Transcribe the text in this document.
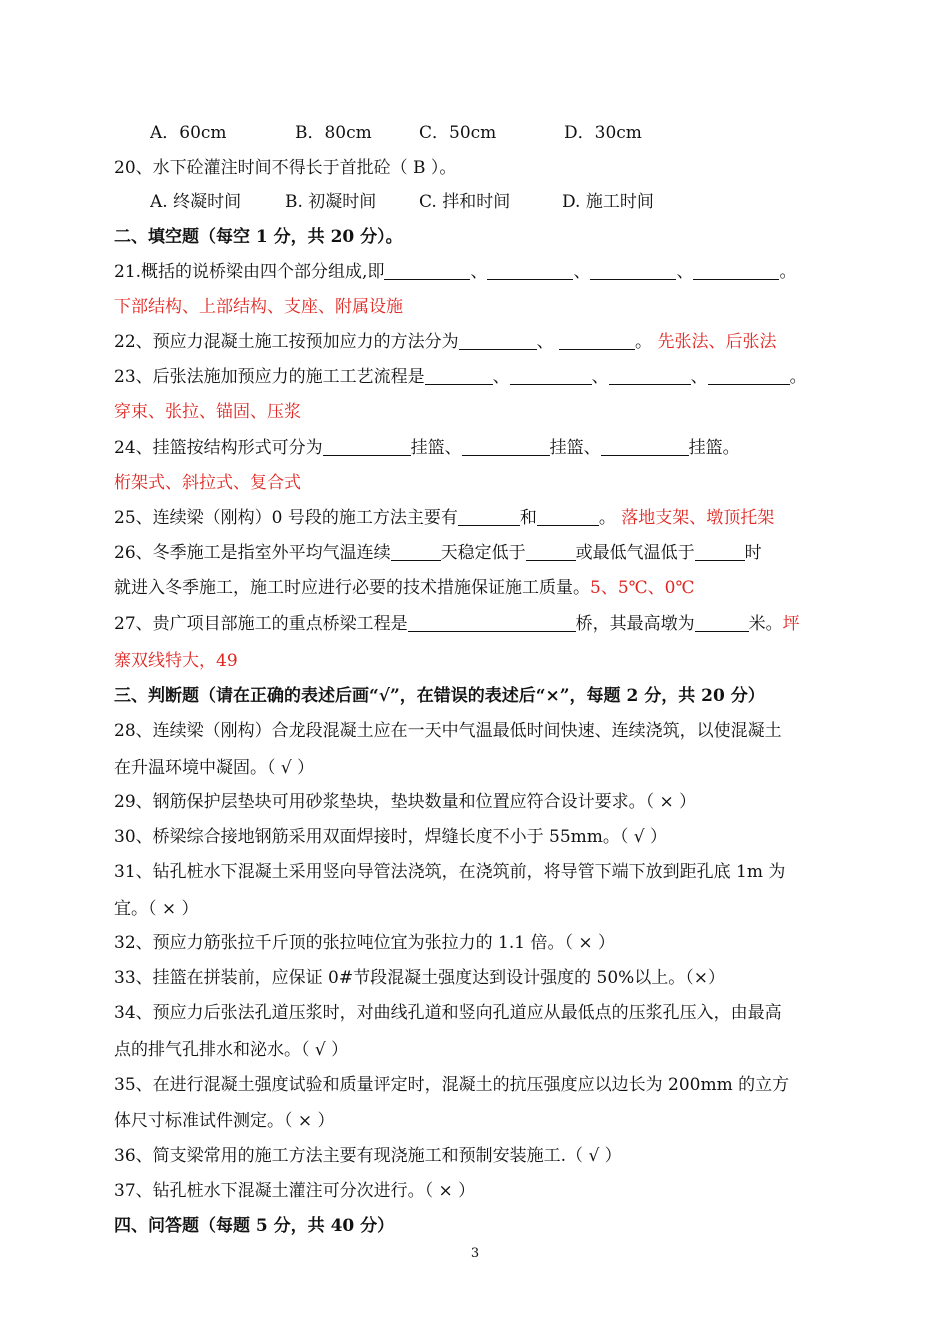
A．60cm	B．80cm	C．50cm	D．30cm
20、水下砼灌注时间不得长于首批砼（ B ）。
A. 终凝时间	B. 初凝时间	C. 拌和时间	D. 施工时间
二、填空题（每空 1 分，共 20 分）。
21.概括的说桥梁由四个部分组成,即	、	、	、	。
下部结构、上部结构、支座、附属设施
22、预应力混凝土施工按预加应力的方法分为	、	。 先张法、后张法
23、后张法施加预应力的施工工艺流程是	、	、	、	。
穿束、张拉、锚固、压浆
24、挂篮按结构形式可分为	挂篮、	挂篮、	挂篮。
桁架式、斜拉式、复合式
25、连续梁（刚构）0 号段的施工方法主要有	和	。 落地支架、墩顶托架
26、冬季施工是指室外平均气温连续	天稳定低于	或最低气温低于	时
就进入冬季施工，施工时应进行必要的技术措施保证施工质量。5、5℃、0℃
27、贵广项目部施工的重点桥梁工程是	桥，其最高墩为	米。坪
寨双线特大，49
三、判断题（请在正确的表述后画“√”，在错误的表述后“×”，每题 2 分，共 20 分）
28、连续梁（刚构）合龙段混凝土应在一天中气温最低时间快速、连续浇筑，以使混凝土
在升温环境中凝固。（ √ ）
29、钢筋保护层垫块可用砂浆垫块，垫块数量和位置应符合设计要求。（ × ）
30、桥梁综合接地钢筋采用双面焊接时，焊缝长度不小于 55mm。（ √ ）
31、钻孔桩水下混凝土采用竖向导管法浇筑，在浇筑前，将导管下端下放到距孔底 1m 为
宜。（ × ）
32、预应力筋张拉千斤顶的张拉吨位宜为张拉力的 1.1 倍。（ × ）
33、挂篮在拼装前，应保证 0#节段混凝土强度达到设计强度的 50%以上。（×）
34、预应力后张法孔道压浆时，对曲线孔道和竖向孔道应从最低点的压浆孔压入，由最高
点的排气孔排水和泌水。（ √ ）
35、在进行混凝土强度试验和质量评定时，混凝土的抗压强度应以边长为 200mm 的立方
体尺寸标准试件测定。（ × ）
36、简支梁常用的施工方法主要有现浇施工和预制安装施工.（ √ ）
37、钻孔桩水下混凝土灌注可分次进行。（ × ）
四、问答题（每题 5 分，共 40 分）
3
